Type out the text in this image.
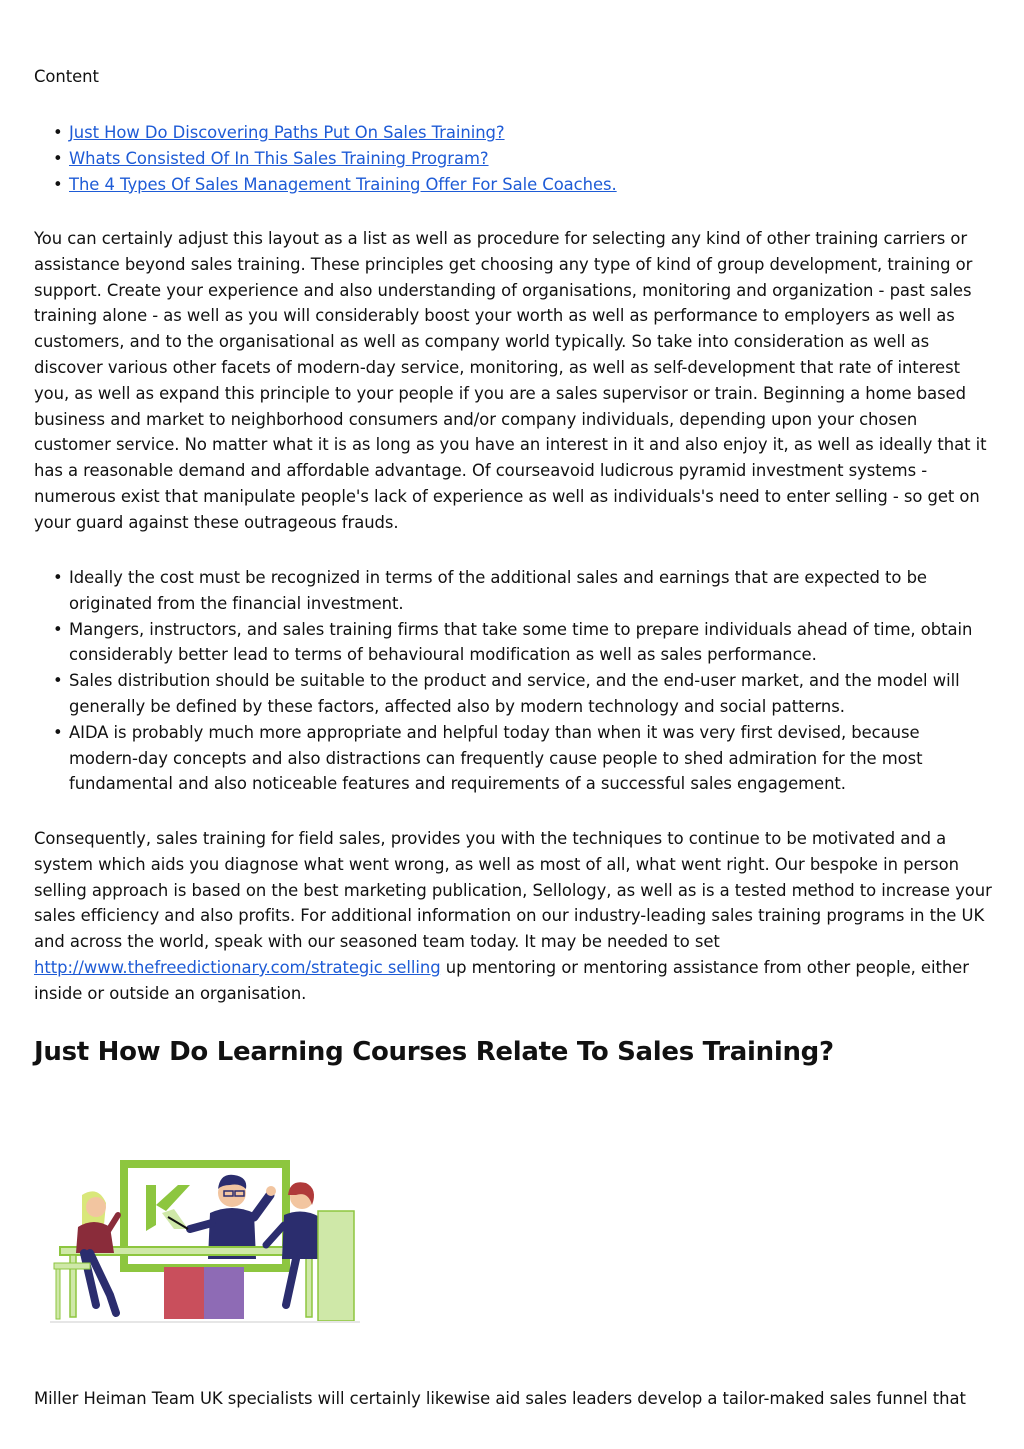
Content
• Just How Do Discovering Paths Put On Sales Training?
• Whats Consisted Of In This Sales Training Program?
• The 4 Types Of Sales Management Training Offer For Sale Coaches.

You can certainly adjust this layout as a list as well as procedure for selecting any kind of other training carriers or assistance beyond sales training. These principles get choosing any type of kind of group development, training or support. Create your experience and also understanding of organisations, monitoring and organization - past sales training alone - as well as you will considerably boost your worth as well as performance to employers as well as customers, and to the organisational as well as company world typically. So take into consideration as well as discover various other facets of modern-day service, monitoring, as well as self-development that rate of interest you, as well as expand this principle to your people if you are a sales supervisor or train. Beginning a home based business and market to neighborhood consumers and/or company individuals, depending upon your chosen customer service. No matter what it is as long as you have an interest in it and also enjoy it, as well as ideally that it has a reasonable demand and affordable advantage. Of courseavoid ludicrous pyramid investment systems - numerous exist that manipulate people's lack of experience as well as individuals's need to enter selling - so get on your guard against these outrageous frauds.

• Ideally the cost must be recognized in terms of the additional sales and earnings that are expected to be originated from the financial investment.
• Mangers, instructors, and sales training firms that take some time to prepare individuals ahead of time, obtain considerably better lead to terms of behavioural modification as well as sales performance.
• Sales distribution should be suitable to the product and service, and the end-user market, and the model will generally be defined by these factors, affected also by modern technology and social patterns.
• AIDA is probably much more appropriate and helpful today than when it was very first devised, because modern-day concepts and also distractions can frequently cause people to shed admiration for the most fundamental and also noticeable features and requirements of a successful sales engagement.

Consequently, sales training for field sales, provides you with the techniques to continue to be motivated and a system which aids you diagnose what went wrong, as well as most of all, what went right. Our bespoke in person selling approach is based on the best marketing publication, Sellology, as well as is a tested method to increase your sales efficiency and also profits. For additional information on our industry-leading sales training programs in the UK and across the world, speak with our seasoned team today. It may be needed to set http://www.thefreedictionary.com/strategic selling up mentoring or mentoring assistance from other people, either inside or outside an organisation.

Just How Do Learning Courses Relate To Sales Training?

Miller Heiman Team UK specialists will certainly likewise aid sales leaders develop a tailor-maked sales funnel that
